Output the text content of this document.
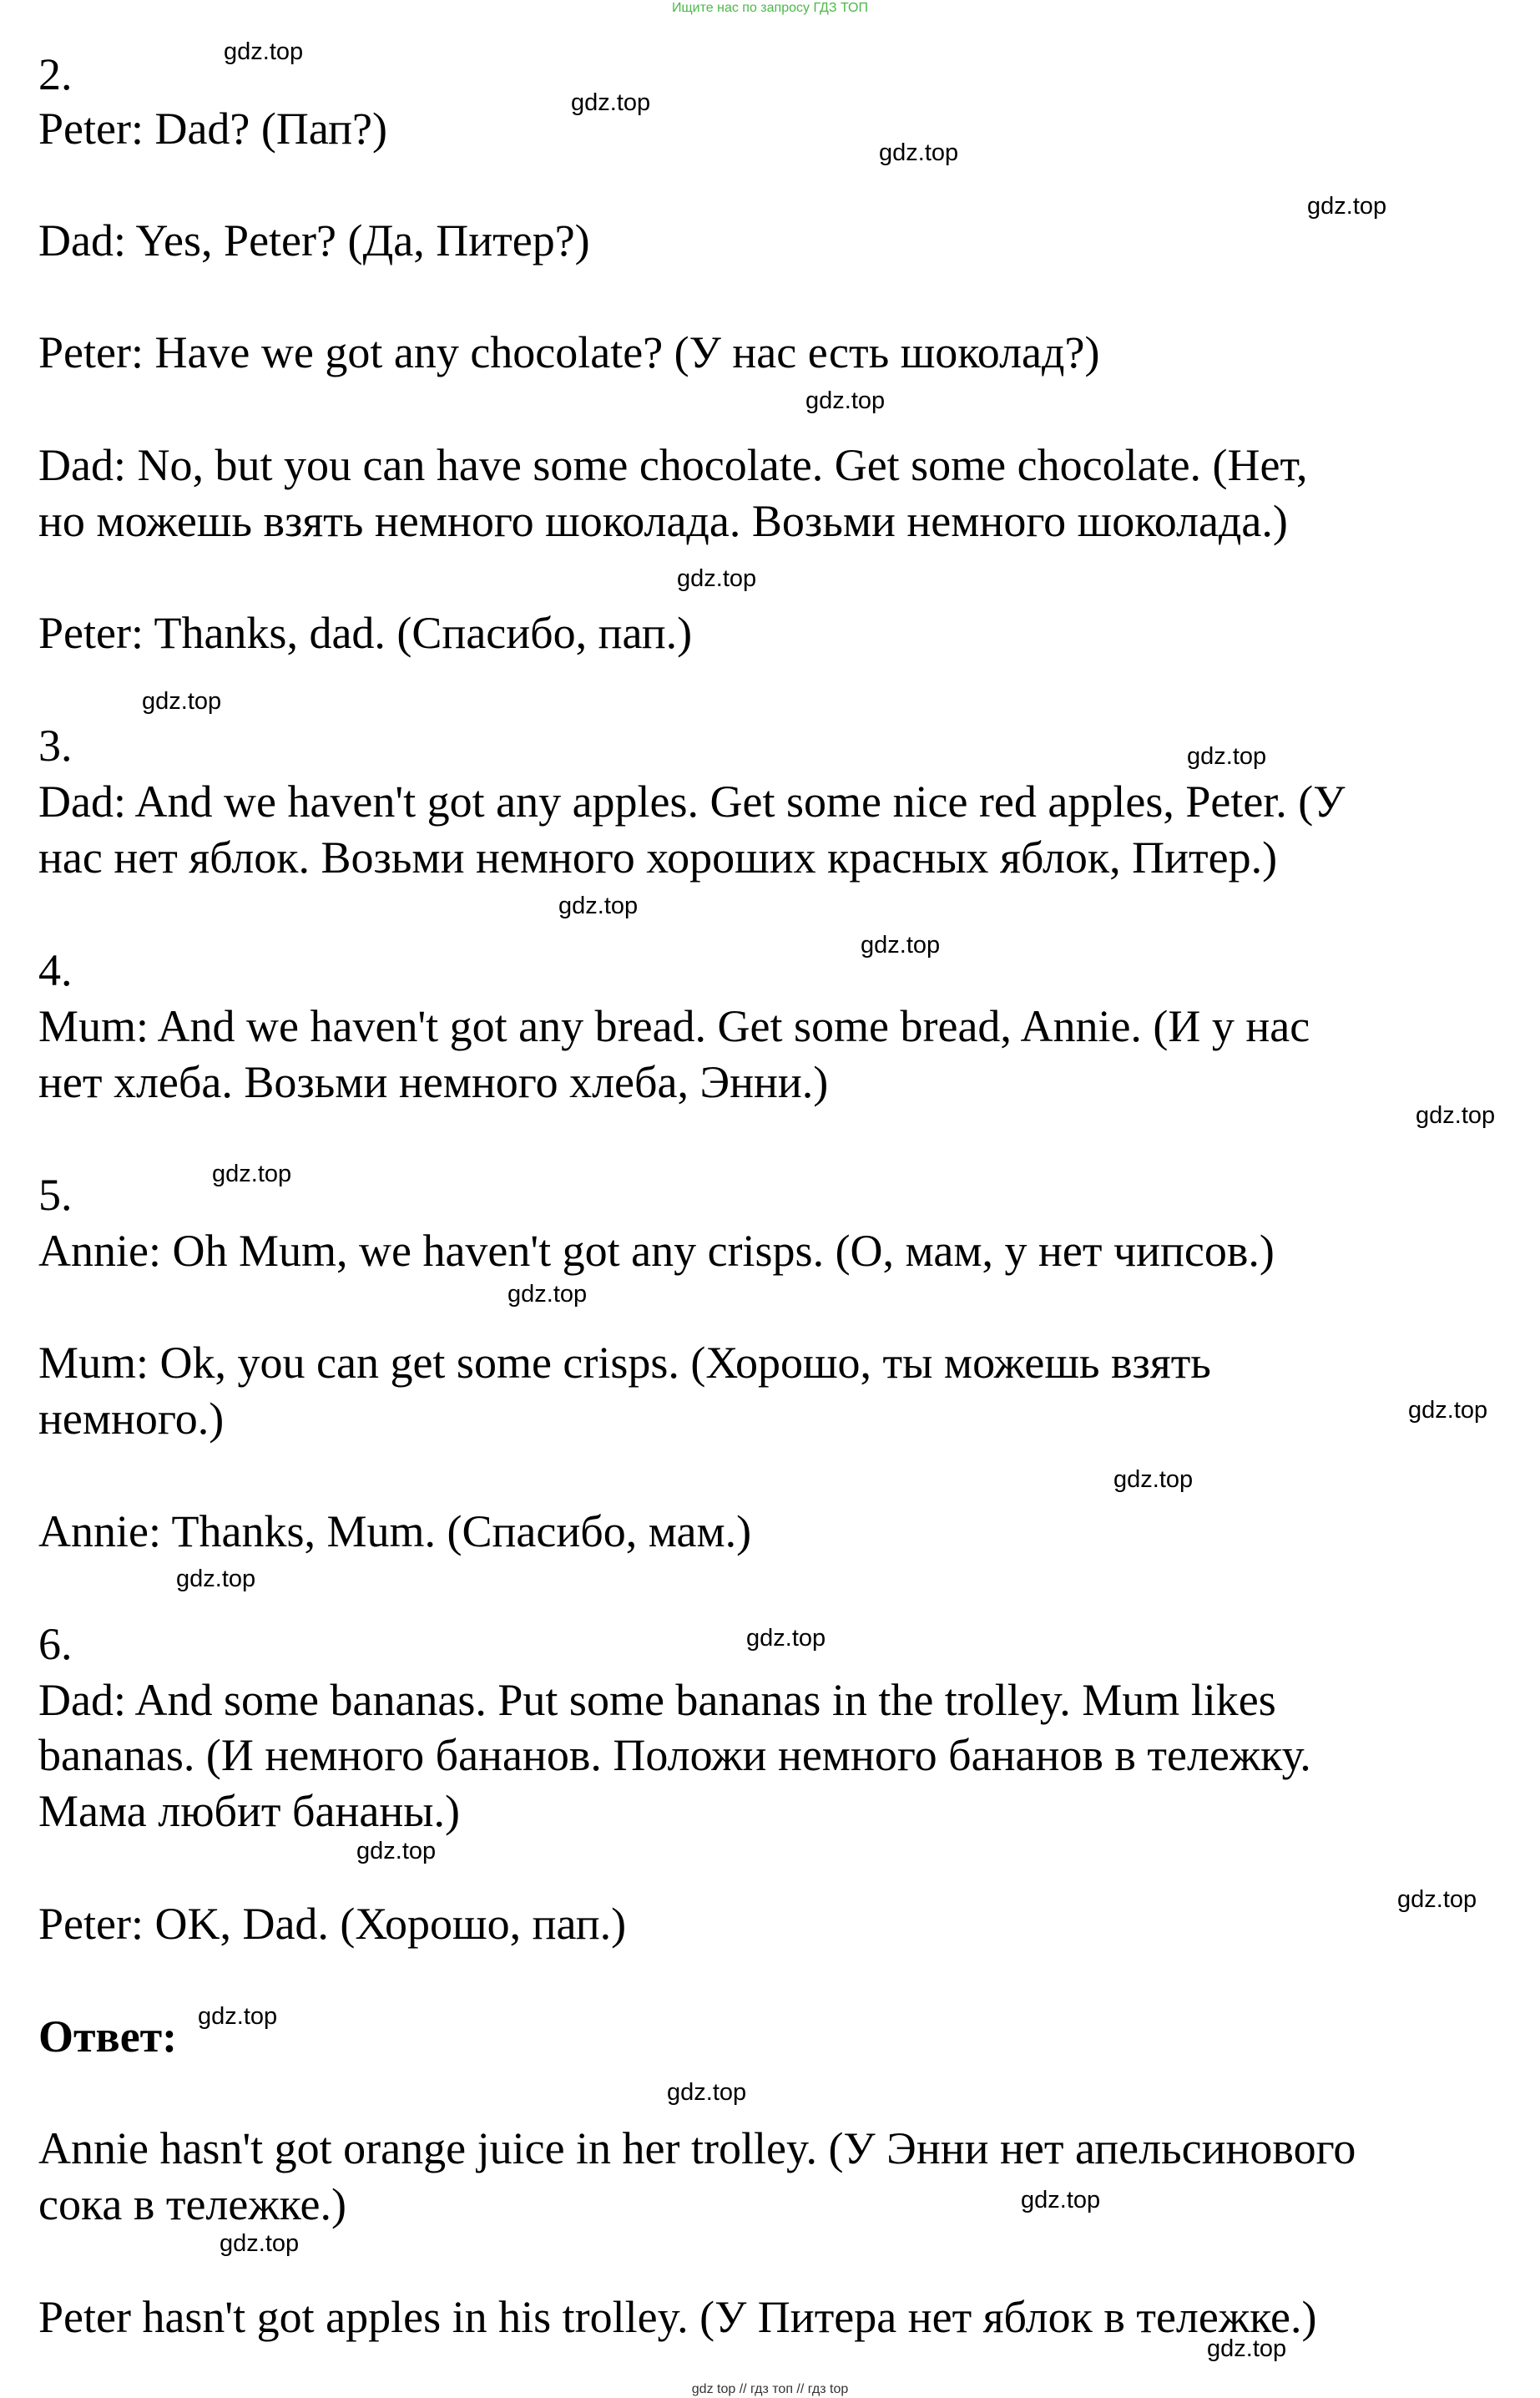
Ищите нас по запросу ГДЗ ТОП
2.
Peter: Dad? (Пап?)
Dad: Yes, Peter? (Да, Питер?)
Peter: Have we got any chocolate? (У нас есть шоколад?)
Dad: No, but you can have some chocolate. Get some chocolate. (Нет,
но можешь взять немного шоколада. Возьми немного шоколада.)
Peter: Thanks, dad. (Спасибо, пап.)
3.
Dad: And we haven't got any apples. Get some nice red apples, Peter. (У
нас нет яблок. Возьми немного хороших красных яблок, Питер.)
4.
Mum: And we haven't got any bread. Get some bread, Annie. (И у нас
нет хлеба. Возьми немного хлеба, Энни.)
5.
Annie: Oh Mum, we haven't got any crisps. (О, мам, у нет чипсов.)
Mum: Ok, you can get some crisps. (Хорошо, ты можешь взять
немного.)
Annie: Thanks, Mum. (Спасибо, мам.)
6.
Dad: And some bananas. Put some bananas in the trolley. Mum likes
bananas. (И немного бананов. Положи немного бананов в тележку.
Мама любит бананы.)
Peter: OK, Dad. (Хорошо, пап.)
Ответ:
Annie hasn't got orange juice in her trolley. (У Энни нет апельсинового
сока в тележке.)
Peter hasn't got apples in his trolley. (У Питера нет яблок в тележке.)
gdz.top
gdz.top
gdz.top
gdz.top
gdz.top
gdz.top
gdz.top
gdz.top
gdz.top
gdz.top
gdz.top
gdz.top
gdz.top
gdz.top
gdz.top
gdz.top
gdz.top
gdz.top
gdz.top
gdz.top
gdz.top
gdz.top
gdz.top
gdz.top
gdz top // гдз топ // гдз top
